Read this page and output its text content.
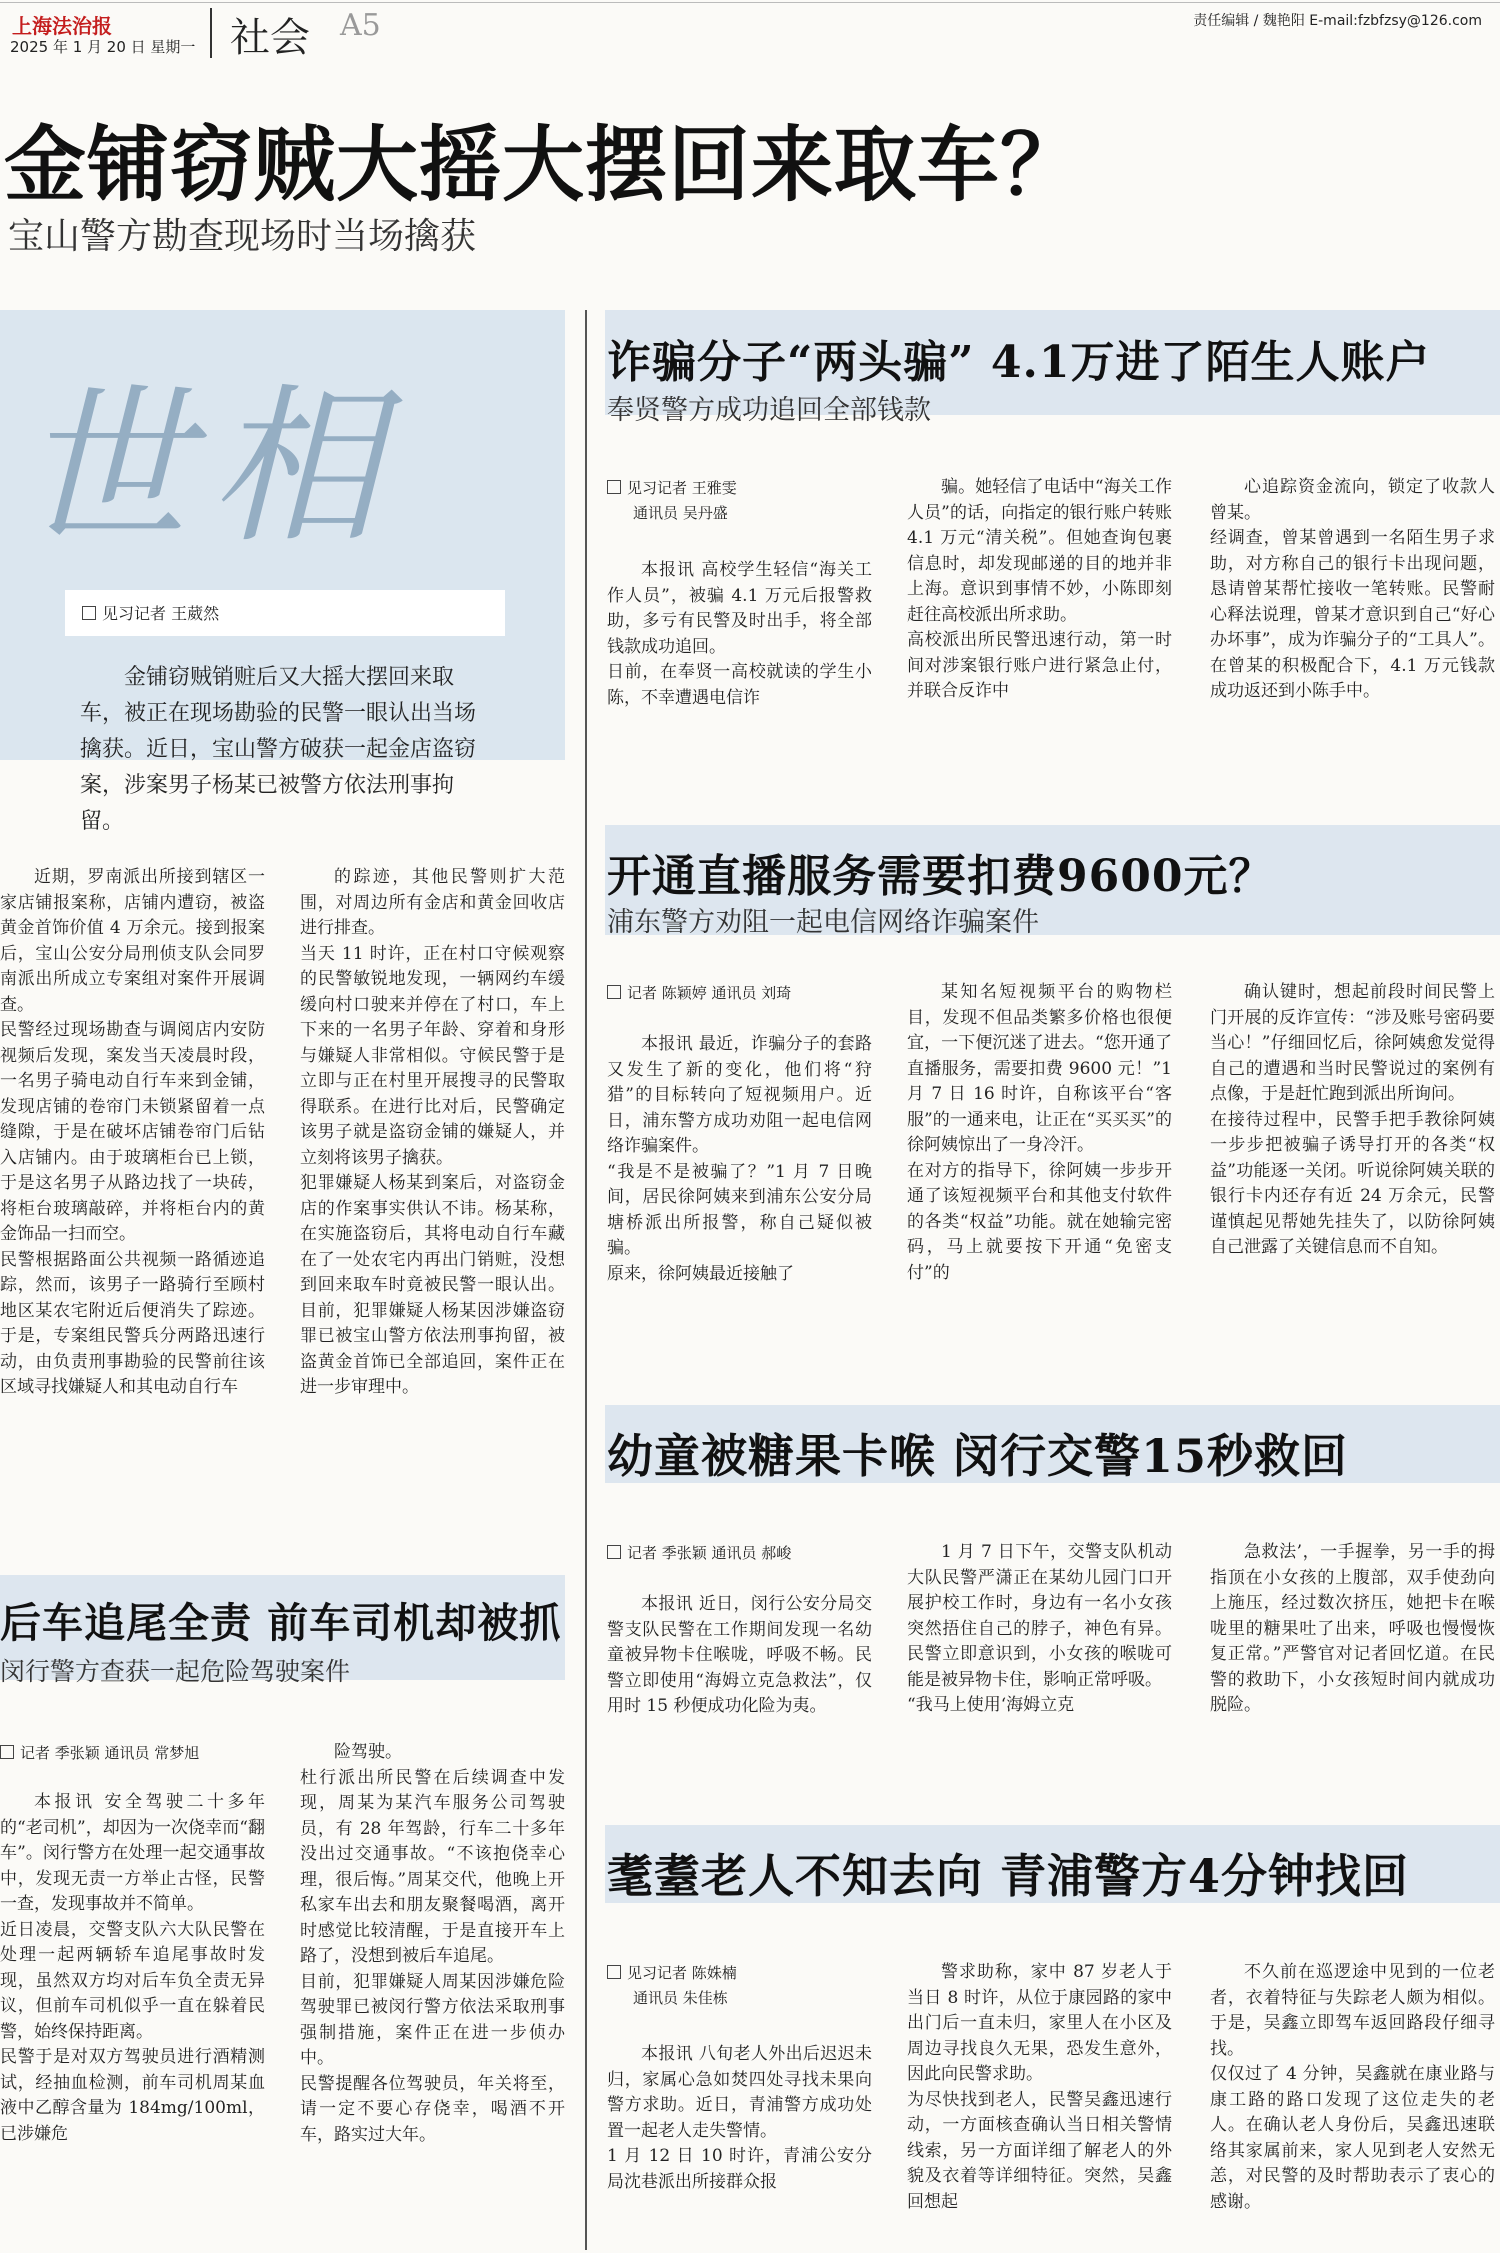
上海法治报
2025 年 1 月 20 日 星期一 社会 A5	责任编辑 / 魏艳阳 E-mail:fzbfzsy@126.com
金铺窃贼大摇大摆回来取车？
宝山警方勘查现场时当场擒获
世相
见习记者 王葳然
金铺窃贼销赃后又大摇大摆回来取车，被正在现场勘验的民警一眼认出当场擒获。近日，宝山警方破获一起金店盗窃案，涉案男子杨某已被警方依法刑事拘留。
近期，罗南派出所接到辖区一家店铺报案称，店铺内遭窃，被盗黄金首饰价值 4 万余元。接到报案后，宝山公安分局刑侦支队会同罗南派出所成立专案组对案件开展调查。
民警经过现场勘查与调阅店内安防视频后发现，案发当天凌晨时段，一名男子骑电动自行车来到金铺，发现店铺的卷帘门未锁紧留着一点缝隙，于是在破坏店铺卷帘门后钻入店铺内。由于玻璃柜台已上锁，于是这名男子从路边找了一块砖，将柜台玻璃敲碎，并将柜台内的黄金饰品一扫而空。
民警根据路面公共视频一路循迹追踪，然而，该男子一路骑行至顾村地区某农宅附近后便消失了踪迹。于是，专案组民警兵分两路迅速行动，由负责刑事勘验的民警前往该区域寻找嫌疑人和其电动自行车
的踪迹，其他民警则扩大范围，对周边所有金店和黄金回收店进行排查。
当天 11 时许，正在村口守候观察的民警敏锐地发现，一辆网约车缓缓向村口驶来并停在了村口，车上下来的一名男子年龄、穿着和身形与嫌疑人非常相似。守候民警于是立即与正在村里开展搜寻的民警取得联系。在进行比对后，民警确定该男子就是盗窃金铺的嫌疑人，并立刻将该男子擒获。
犯罪嫌疑人杨某到案后，对盗窃金店的作案事实供认不讳。杨某称，在实施盗窃后，其将电动自行车藏在了一处农宅内再出门销赃，没想到回来取车时竟被民警一眼认出。目前，犯罪嫌疑人杨某因涉嫌盗窃罪已被宝山警方依法刑事拘留，被盗黄金首饰已全部追回，案件正在进一步审理中。
后车追尾全责 前车司机却被抓
闵行警方查获一起危险驾驶案件
记者 季张颖 通讯员 常梦旭
本报讯 安全驾驶二十多年的“老司机”，却因为一次侥幸而“翻车”。闵行警方在处理一起交通事故中，发现无责一方举止古怪，民警一查，发现事故并不简单。
近日凌晨，交警支队六大队民警在处理一起两辆轿车追尾事故时发现，虽然双方均对后车负全责无异议，但前车司机似乎一直在躲着民警，始终保持距离。
民警于是对双方驾驶员进行酒精测试，经抽血检测，前车司机周某血液中乙醇含量为 184mg/100ml，已涉嫌危
险驾驶。
杜行派出所民警在后续调查中发现，周某为某汽车服务公司驾驶员，有 28 年驾龄，行车二十多年没出过交通事故。“不该抱侥幸心理，很后悔。”周某交代，他晚上开私家车出去和朋友聚餐喝酒，离开时感觉比较清醒，于是直接开车上路了，没想到被后车追尾。
目前，犯罪嫌疑人周某因涉嫌危险驾驶罪已被闵行警方依法采取刑事强制措施，案件正在进一步侦办中。
民警提醒各位驾驶员，年关将至，请一定不要心存侥幸，喝酒不开车，路实过大年。
诈骗分子“两头骗” 4.1万进了陌生人账户
奉贤警方成功追回全部钱款
见习记者 王雅雯
通讯员 吴丹盛
本报讯 高校学生轻信“海关工作人员”，被骗 4.1 万元后报警救助，多亏有民警及时出手，将全部钱款成功追回。
日前，在奉贤一高校就读的学生小陈，不幸遭遇电信诈
骗。她轻信了电话中“海关工作人员”的话，向指定的银行账户转账 4.1 万元“清关税”。但她查询包裹信息时，却发现邮递的目的地并非上海。意识到事情不妙，小陈即刻赶往高校派出所求助。
高校派出所民警迅速行动，第一时间对涉案银行账户进行紧急止付，并联合反诈中
心追踪资金流向，锁定了收款人曾某。
经调查，曾某曾遇到一名陌生男子求助，对方称自己的银行卡出现问题，恳请曾某帮忙接收一笔转账。民警耐心释法说理，曾某才意识到自己“好心办坏事”，成为诈骗分子的“工具人”。在曾某的积极配合下，4.1 万元钱款成功返还到小陈手中。
开通直播服务需要扣费9600元？
浦东警方劝阻一起电信网络诈骗案件
记者 陈颖婷 通讯员 刘琦
本报讯 最近，诈骗分子的套路又发生了新的变化，他们将“狩猎”的目标转向了短视频用户。近日，浦东警方成功劝阻一起电信网络诈骗案件。
“我是不是被骗了？”1 月 7 日晚间，居民徐阿姨来到浦东公安分局塘桥派出所报警，称自己疑似被骗。
原来，徐阿姨最近接触了
某知名短视频平台的购物栏目，发现不但品类繁多价格也很便宜，一下便沉迷了进去。“您开通了直播服务，需要扣费 9600 元！”1 月 7 日 16 时许，自称该平台“客服”的一通来电，让正在“买买买”的徐阿姨惊出了一身冷汗。
在对方的指导下，徐阿姨一步步开通了该短视频平台和其他支付软件的各类“权益”功能。就在她输完密码，马上就要按下开通“免密支付”的
确认键时，想起前段时间民警上门开展的反诈宣传：“涉及账号密码要当心！”仔细回忆后，徐阿姨愈发觉得自己的遭遇和当时民警说过的案例有点像，于是赶忙跑到派出所询问。
在接待过程中，民警手把手教徐阿姨一步步把被骗子诱导打开的各类“权益”功能逐一关闭。听说徐阿姨关联的银行卡内还存有近 24 万余元，民警谨慎起见帮她先挂失了，以防徐阿姨自己泄露了关键信息而不自知。
幼童被糖果卡喉 闵行交警15秒救回
记者 季张颖 通讯员 郝峻
本报讯 近日，闵行公安分局交警支队民警在工作期间发现一名幼童被异物卡住喉咙，呼吸不畅。民警立即使用“海姆立克急救法”，仅用时 15 秒便成功化险为夷。
1 月 7 日下午，交警支队机动大队民警严潇正在某幼儿园门口开展护校工作时，身边有一名小女孩突然捂住自己的脖子，神色有异。民警立即意识到，小女孩的喉咙可能是被异物卡住，影响正常呼吸。
“我马上使用‘海姆立克
急救法’，一手握拳，另一手的拇指顶在小女孩的上腹部，双手使劲向上施压，经过数次挤压，她把卡在喉咙里的糖果吐了出来，呼吸也慢慢恢复正常。”严警官对记者回忆道。在民警的救助下，小女孩短时间内就成功脱险。
耄耋老人不知去向 青浦警方4分钟找回
见习记者 陈姝楠
通讯员 朱佳栋
本报讯 八旬老人外出后迟迟未归，家属心急如焚四处寻找未果向警方求助。近日，青浦警方成功处置一起老人走失警情。
1 月 12 日 10 时许，青浦公安分局沈巷派出所接群众报
警求助称，家中 87 岁老人于当日 8 时许，从位于康园路的家中出门后一直未归，家里人在小区及周边寻找良久无果，恐发生意外，因此向民警求助。
为尽快找到老人，民警吴鑫迅速行动，一方面核查确认当日相关警情线索，另一方面详细了解老人的外貌及衣着等详细特征。突然，吴鑫回想起
不久前在巡逻途中见到的一位老者，衣着特征与失踪老人颇为相似。于是，吴鑫立即驾车返回路段仔细寻找。
仅仅过了 4 分钟，吴鑫就在康业路与康工路的路口发现了这位走失的老人。在确认老人身份后，吴鑫迅速联络其家属前来，家人见到老人安然无恙，对民警的及时帮助表示了衷心的感谢。
